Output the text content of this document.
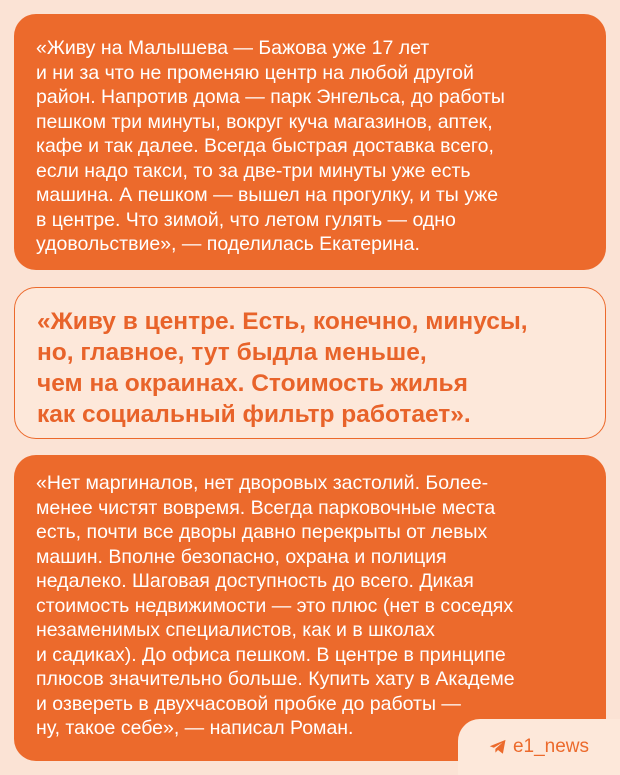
«Живу на Малышева — Бажова уже 17 лет
и ни за что не променяю центр на любой другой
район. Напротив дома — парк Энгельса, до работы
пешком три минуты, вокруг куча магазинов, аптек,
кафе и так далее. Всегда быстрая доставка всего,
если надо такси, то за две-три минуты уже есть
машина. А пешком — вышел на прогулку, и ты уже
в центре. Что зимой, что летом гулять — одно
удовольствие», — поделилась Екатерина.

«Живу в центре. Есть, конечно, минусы,
но, главное, тут быдла меньше,
чем на окраинах. Стоимость жилья
как социальный фильтр работает».

«Нет маргиналов, нет дворовых застолий. Более-
менее чистят вовремя. Всегда парковочные места
есть, почти все дворы давно перекрыты от левых
машин. Вполне безопасно, охрана и полиция
недалеко. Шаговая доступность до всего. Дикая
стоимость недвижимости — это плюс (нет в соседях
незаменимых специалистов, как и в школах
и садиках). До офиса пешком. В центре в принципе
плюсов значительно больше. Купить хату в Академе
и озвереть в двухчасовой пробке до работы —
ну, такое себе», — написал Роман.

e1_news
